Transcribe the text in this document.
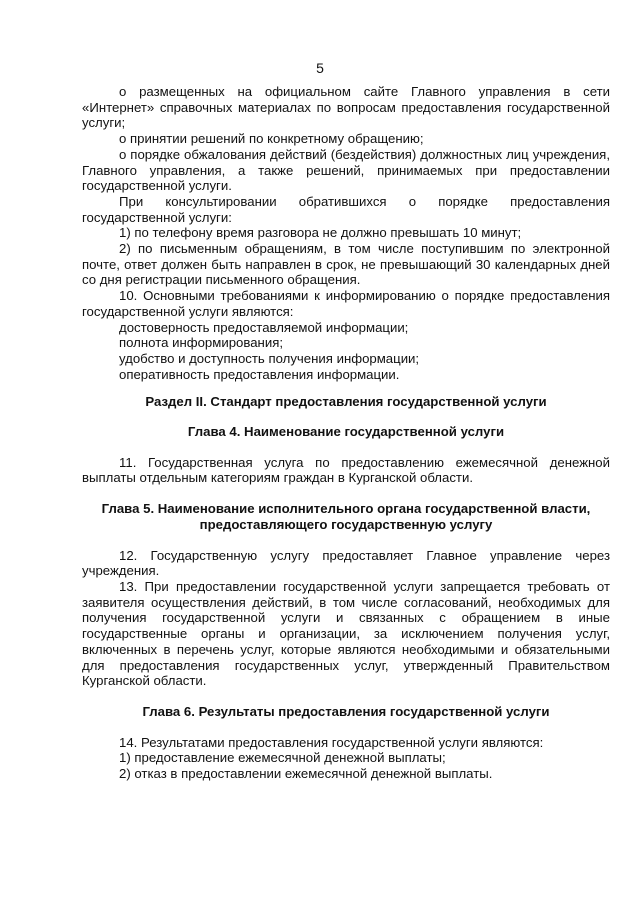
5

о размещенных на официальном сайте Главного управления в сети «Интернет» справочных материалах по вопросам предоставления государственной услуги;

о принятии решений по конкретному обращению;

о порядке обжалования действий (бездействия) должностных лиц учреждения, Главного управления, а также решений, принимаемых при предоставлении государственной услуги.

При консультировании обратившихся о порядке предоставления государственной услуги:

1) по телефону время разговора не должно превышать 10 минут;

2) по письменным обращениям, в том числе поступившим по электронной почте, ответ должен быть направлен в срок, не превышающий 30 календарных дней со дня регистрации письменного обращения.

10. Основными требованиями к информированию о порядке предоставления государственной услуги являются:

достоверность предоставляемой информации;

полнота информирования;

удобство и доступность получения информации;

оперативность предоставления информации.

Раздел II. Стандарт предоставления государственной услуги

Глава 4. Наименование государственной услуги

11. Государственная услуга по предоставлению ежемесячной денежной выплаты отдельным категориям граждан в Курганской области.

Глава 5. Наименование исполнительного органа государственной власти,

предоставляющего государственную услугу

12. Государственную услугу предоставляет Главное управление через учреждения.

13. При предоставлении государственной услуги запрещается требовать от заявителя осуществления действий, в том числе согласований, необходимых для получения государственной услуги и связанных с обращением в иные государственные органы и организации, за исключением получения услуг, включенных в перечень услуг, которые являются необходимыми и обязательными для предоставления государственных услуг, утвержденный Правительством Курганской области.

Глава 6. Результаты предоставления государственной услуги

14. Результатами предоставления государственной услуги являются:

1) предоставление ежемесячной денежной выплаты;

2) отказ в предоставлении ежемесячной денежной выплаты.
